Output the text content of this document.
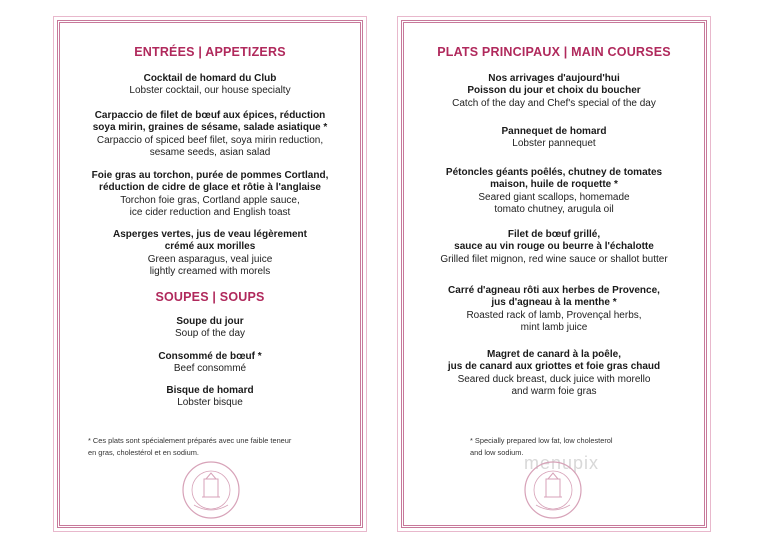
ENTRÉES | APPETIZERS

Cocktail de homard du Club
Lobster cocktail, our house specialty
Carpaccio de filet de bœuf aux épices, réduction
soya mirin, graines de sésame, salade asiatique *
Carpaccio of spiced beef filet, soya mirin reduction,
sesame seeds, asian salad
Foie gras au torchon, purée de pommes Cortland,
réduction de cidre de glace et rôtie à l'anglaise
Torchon foie gras, Cortland apple sauce,
ice cider reduction and English toast
Asperges vertes, jus de veau légèrement
crémé aux morilles
Green asparagus, veal juice
lightly creamed with morels

SOUPES | SOUPS

Soupe du jour
Soup of the day
Consommé de bœuf *
Beef consommé
Bisque de homard
Lobster bisque
* Ces plats sont spécialement préparés avec une faible teneur
en gras, cholestérol et en sodium.

PLATS PRINCIPAUX | MAIN COURSES

Nos arrivages d'aujourd'hui
Poisson du jour et choix du boucher
Catch of the day and Chef's special of the day
Pannequet de homard
Lobster pannequet
Pétoncles géants poêlés, chutney de tomates
maison, huile de roquette *
Seared giant scallops, homemade
tomato chutney, arugula oil
Filet de bœuf grillé,
sauce au vin rouge ou beurre à l'échalotte
Grilled filet mignon, red wine sauce or shallot butter
Carré d'agneau rôti aux herbes de Provence,
jus d'agneau à la menthe *
Roasted rack of lamb, Provençal herbs,
mint lamb juice
Magret de canard à la poêle,
jus de canard aux griottes et foie gras chaud
Seared duck breast, duck juice with morello
and warm foie gras
* Specially prepared low fat, low cholesterol
and low sodium.
menupix
